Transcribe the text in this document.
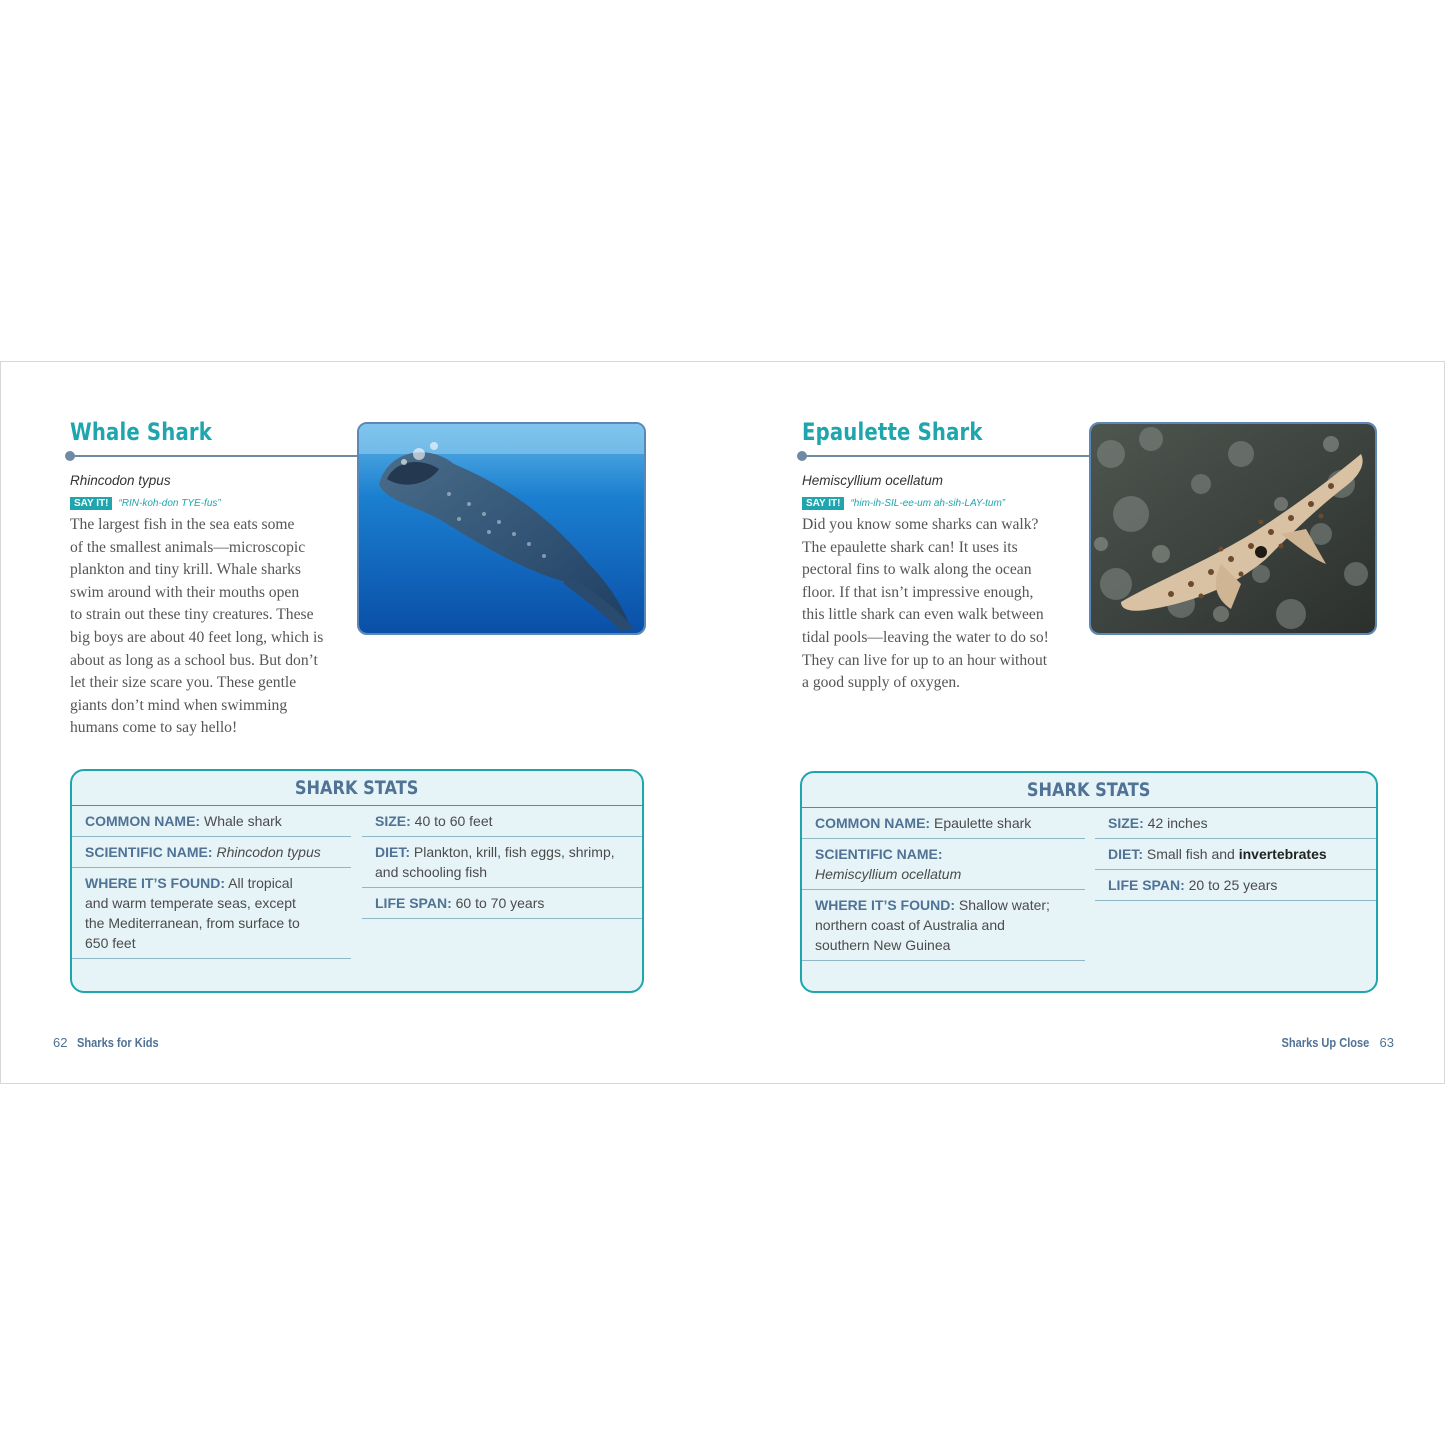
Whale Shark
Rhincodon typus
SAY IT!	“RIN-koh-don TYE-fus”
The largest fish in the sea eats some
of the smallest animals—microscopic
plankton and tiny krill. Whale sharks
swim around with their mouths open
to strain out these tiny creatures. These
big boys are about 40 feet long, which is
about as long as a school bus. But don’t
let their size scare you. These gentle
giants don’t mind when swimming
humans come to say hello!
SHARK STATS
COMMON NAME: Whale shark
SCIENTIFIC NAME: Rhincodon typus
WHERE IT’S FOUND: All tropical
and warm temperate seas, except
the Mediterranean, from surface to
650 feet
SIZE: 40 to 60 feet
DIET: Plankton, krill, fish eggs, shrimp,
and schooling fish
LIFE SPAN: 60 to 70 years
62 Sharks for Kids
Epaulette Shark
Hemiscyllium ocellatum
SAY IT!	“him-ih-SIL-ee-um ah-sih-LAY-tum”
Did you know some sharks can walk?
The epaulette shark can! It uses its
pectoral fins to walk along the ocean
floor. If that isn’t impressive enough,
this little shark can even walk between
tidal pools—leaving the water to do so!
They can live for up to an hour without
a good supply of oxygen.
SHARK STATS
COMMON NAME: Epaulette shark
SCIENTIFIC NAME:
Hemiscyllium ocellatum
WHERE IT’S FOUND: Shallow water;
northern coast of Australia and
southern New Guinea
SIZE: 42 inches
DIET: Small fish and invertebrates
LIFE SPAN: 20 to 25 years
Sharks Up Close 63
